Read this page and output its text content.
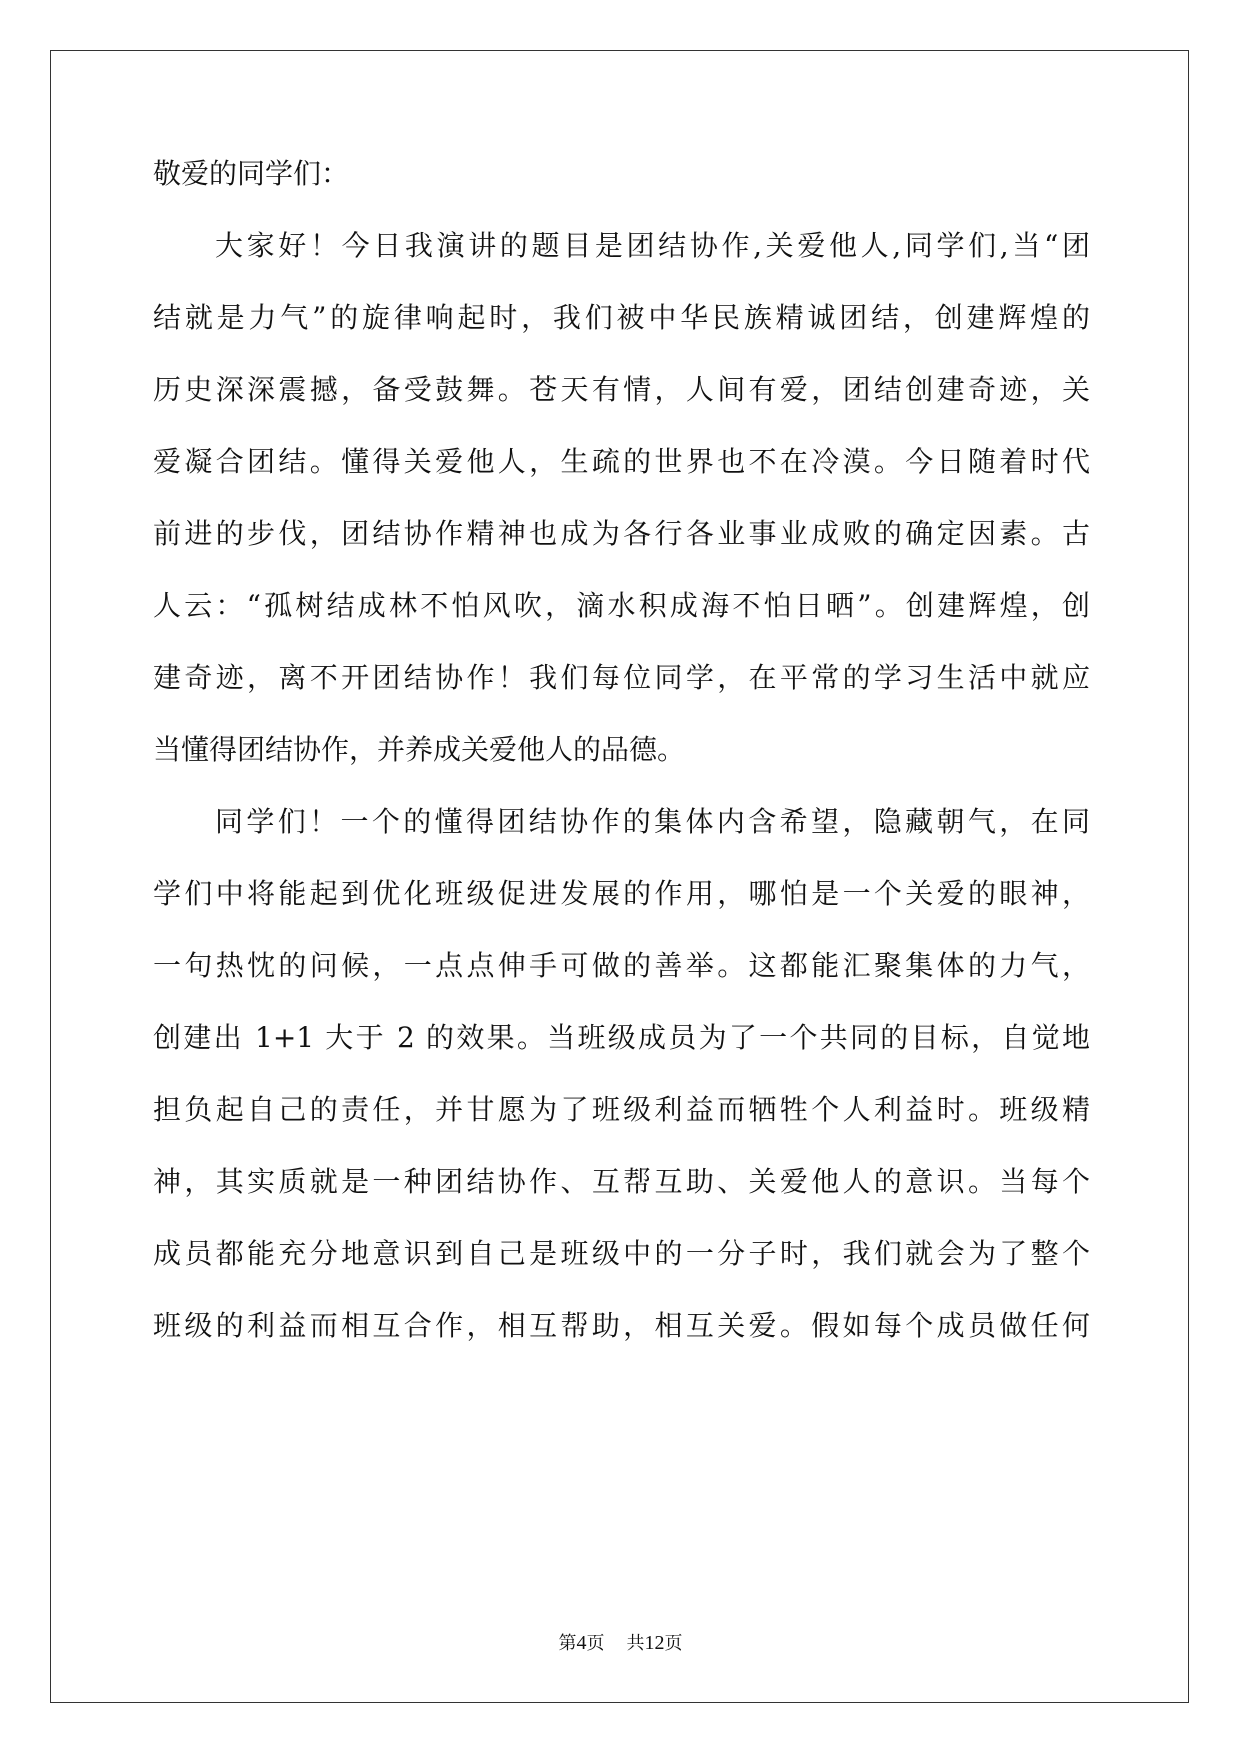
敬爱的同学们：

大家好！今日我演讲的题目是团结协作,关爱他人,同学们,当“团

结就是力气”的旋律响起时，我们被中华民族精诚团结，创建辉煌的

历史深深震撼，备受鼓舞。苍天有情，人间有爱，团结创建奇迹，关

爱凝合团结。懂得关爱他人，生疏的世界也不在冷漠。今日随着时代

前进的步伐，团结协作精神也成为各行各业事业成败的确定因素。古

人云：“孤树结成林不怕风吹，滴水积成海不怕日晒”。创建辉煌，创

建奇迹，离不开团结协作！我们每位同学，在平常的学习生活中就应

当懂得团结协作，并养成关爱他人的品德。

同学们！一个的懂得团结协作的集体内含希望，隐藏朝气，在同

学们中将能起到优化班级促进发展的作用，哪怕是一个关爱的眼神，

一句热忱的问候，一点点伸手可做的善举。这都能汇聚集体的力气，

创建出 1+1 大于 2 的效果。当班级成员为了一个共同的目标，自觉地

担负起自己的责任，并甘愿为了班级利益而牺牲个人利益时。班级精

神，其实质就是一种团结协作、互帮互助、关爱他人的意识。当每个

成员都能充分地意识到自己是班级中的一分子时，我们就会为了整个

班级的利益而相互合作，相互帮助，相互关爱。假如每个成员做任何

第4页 共12页
